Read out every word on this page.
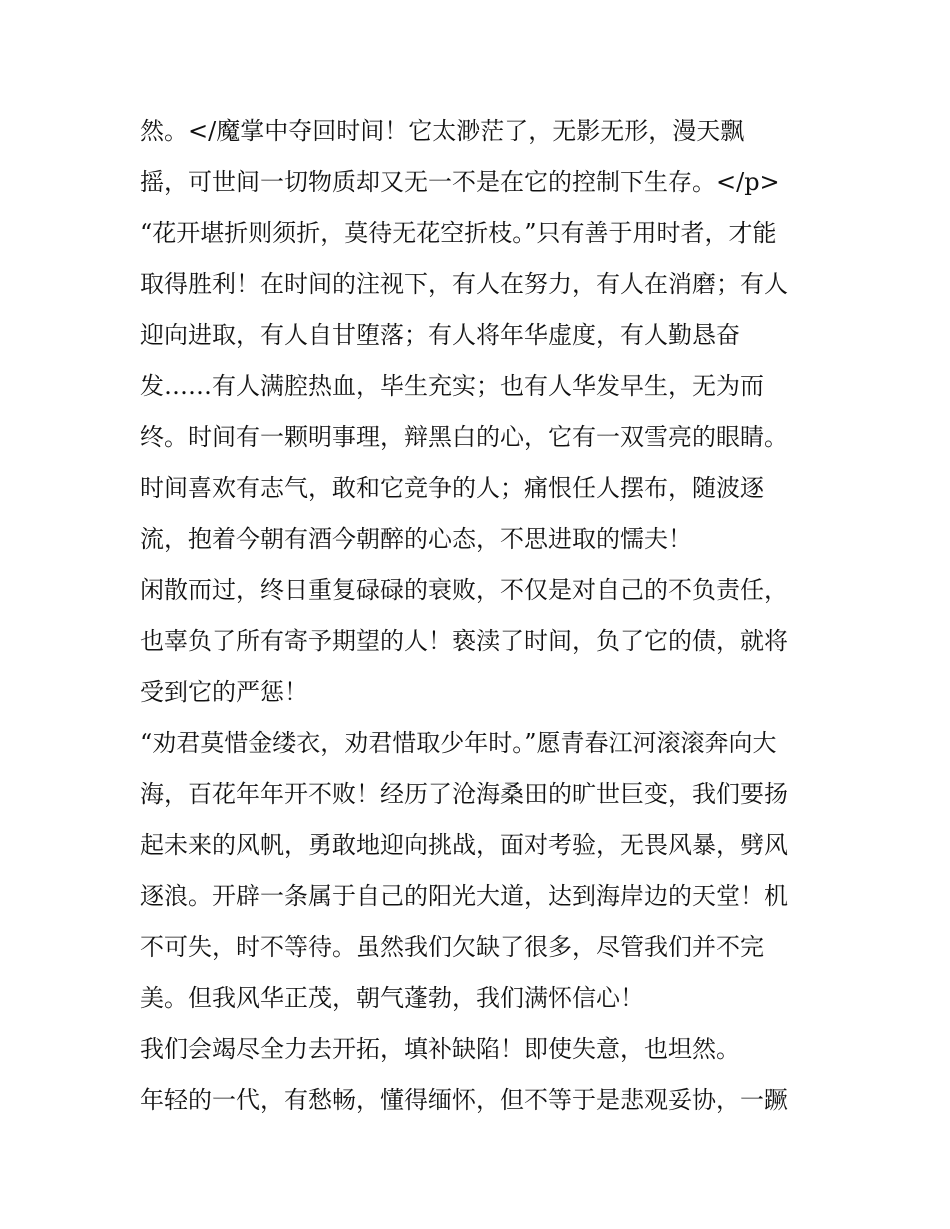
然。</魔掌中夺回时间！它太渺茫了，无影无形，漫天飘
摇，可世间一切物质却又无一不是在它的控制下生存。</p>
“花开堪折则须折，莫待无花空折枝。”只有善于用时者，才能
取得胜利！在时间的注视下，有人在努力，有人在消磨；有人
迎向进取，有人自甘堕落；有人将年华虚度，有人勤恳奋
发……有人满腔热血，毕生充实；也有人华发早生，无为而
终。时间有一颗明事理，辩黑白的心，它有一双雪亮的眼睛。
时间喜欢有志气，敢和它竞争的人；痛恨任人摆布，随波逐
流，抱着今朝有酒今朝醉的心态，不思进取的懦夫！
闲散而过，终日重复碌碌的衰败，不仅是对自己的不负责任，
也辜负了所有寄予期望的人！亵渎了时间，负了它的债，就将
受到它的严惩！
“劝君莫惜金缕衣，劝君惜取少年时。”愿青春江河滚滚奔向大
海，百花年年开不败！经历了沧海桑田的旷世巨变，我们要扬
起未来的风帆，勇敢地迎向挑战，面对考验，无畏风暴，劈风
逐浪。开辟一条属于自己的阳光大道，达到海岸边的天堂！机
不可失，时不等待。虽然我们欠缺了很多，尽管我们并不完
美。但我风华正茂，朝气蓬勃，我们满怀信心！
我们会竭尽全力去开拓，填补缺陷！即使失意，也坦然。
年轻的一代，有愁畅，懂得缅怀，但不等于是悲观妥协，一蹶
